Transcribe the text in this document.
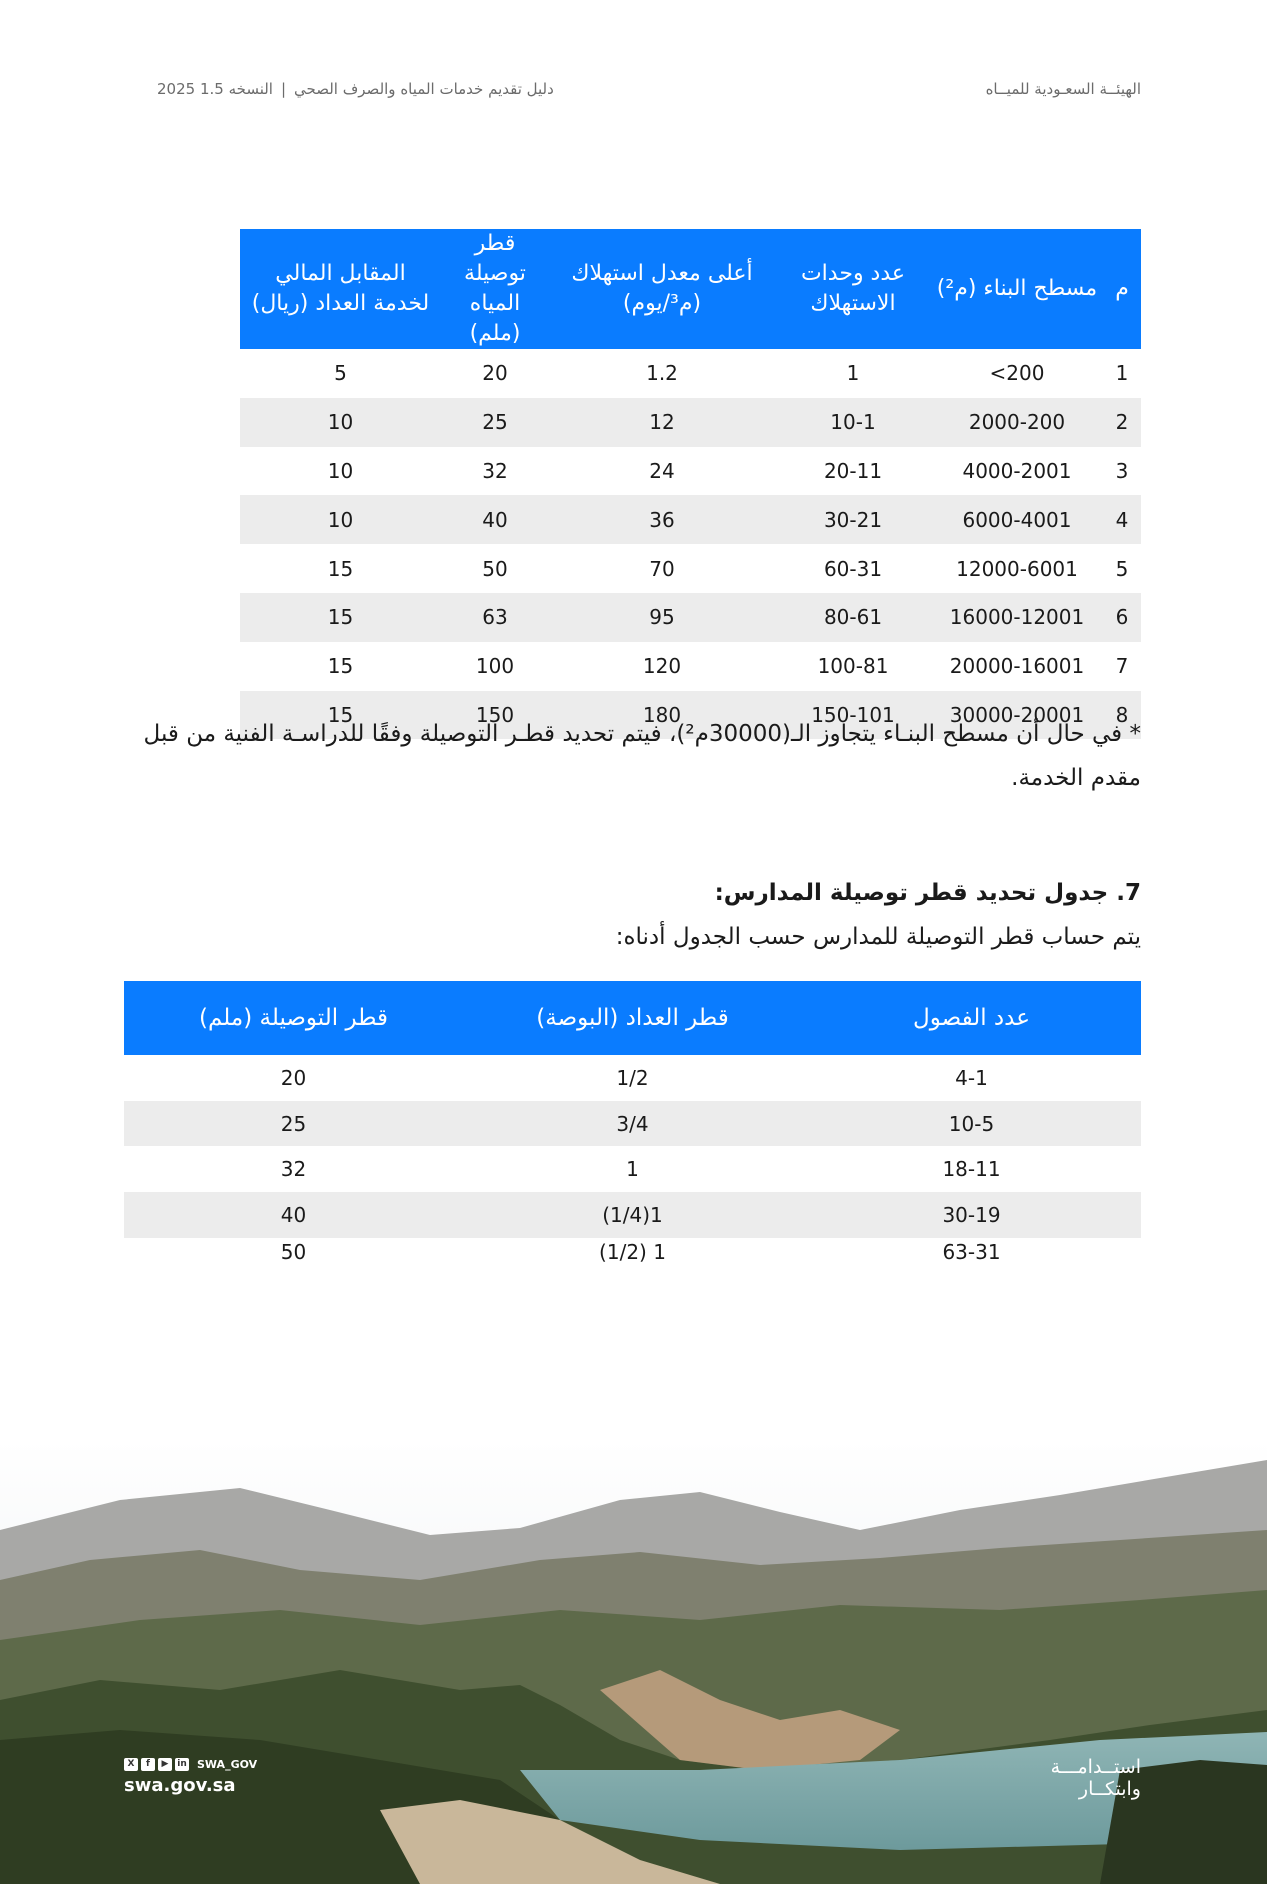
الهيئــة السعـودية للميــاه
دليل تقديم خدمات المياه والصرف الصحي
|
النسخه 1.5 2025
م	مسطح البناء (م²)	عدد وحدات الاستهلاك	أعلى معدل استهلاك (م³/يوم)	قطر توصيلة المياه (ملم)	المقابل المالي لخدمة العداد (ريال)
1	200>	1	1.2	20	5
2	2000-200	10-1	12	25	10
3	4000-2001	20-11	24	32	10
4	6000-4001	30-21	36	40	10
5	12000-6001	60-31	70	50	15
6	16000-12001	80-61	95	63	15
7	20000-16001	100-81	120	100	15
8	30000-20001	150-101	180	150	15
* في حال أن مسطح البنـاء يتجاوز الـ(30000م²)، فيتم تحديد قطـر التوصيلة وفقًا للدراسـة الفنية من قبل مقدم الخدمة.
7. جدول تحديد قطر توصيلة المدارس:
يتم حساب قطر التوصيلة للمدارس حسب الجدول أدناه:
عدد الفصول	قطر العداد (البوصة)	قطر التوصيلة (ملم)
4-1	1/2	20
10-5	3/4	25
18-11	1	32
30-19	1(1/4)	40
63-31	1 (1/2)	50
X	f	▶ in SWA_GOV
swa.gov.sa
استــدامـــة
وابتكــار
